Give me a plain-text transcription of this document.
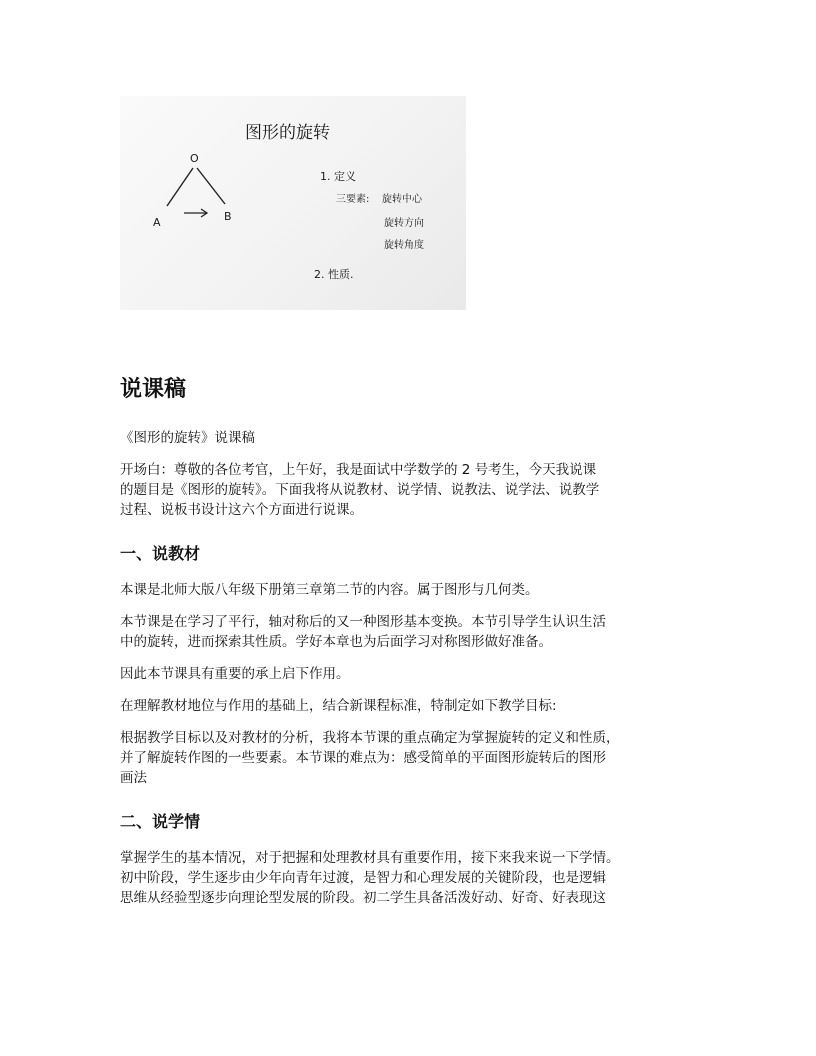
图形的旋转
O
A	B
1. 定义
三要素: 旋转中心
旋转方向
旋转角度
2. 性质.
说课稿

《图形的旋转》说课稿

开场白：尊敬的各位考官，上午好，我是面试中学数学的 2 号考生，今天我说课
的题目是《图形的旋转》。下面我将从说教材、说学情、说教法、说学法、说教学
过程、说板书设计这六个方面进行说课。

一、说教材

本课是北师大版八年级下册第三章第二节的内容。属于图形与几何类。

本节课是在学习了平行，轴对称后的又一种图形基本变换。本节引导学生认识生活
中的旋转，进而探索其性质。学好本章也为后面学习对称图形做好准备。

因此本节课具有重要的承上启下作用。

在理解教材地位与作用的基础上，结合新课程标准，特制定如下教学目标:

根据教学目标以及对教材的分析，我将本节课的重点确定为掌握旋转的定义和性质，
并了解旋转作图的一些要素。本节课的难点为：感受简单的平面图形旋转后的图形
画法

二、说学情

掌握学生的基本情况，对于把握和处理教材具有重要作用，接下来我来说一下学情。
初中阶段，学生逐步由少年向青年过渡，是智力和心理发展的关键阶段，也是逻辑
思维从经验型逐步向理论型发展的阶段。初二学生具备活泼好动、好奇、好表现这
